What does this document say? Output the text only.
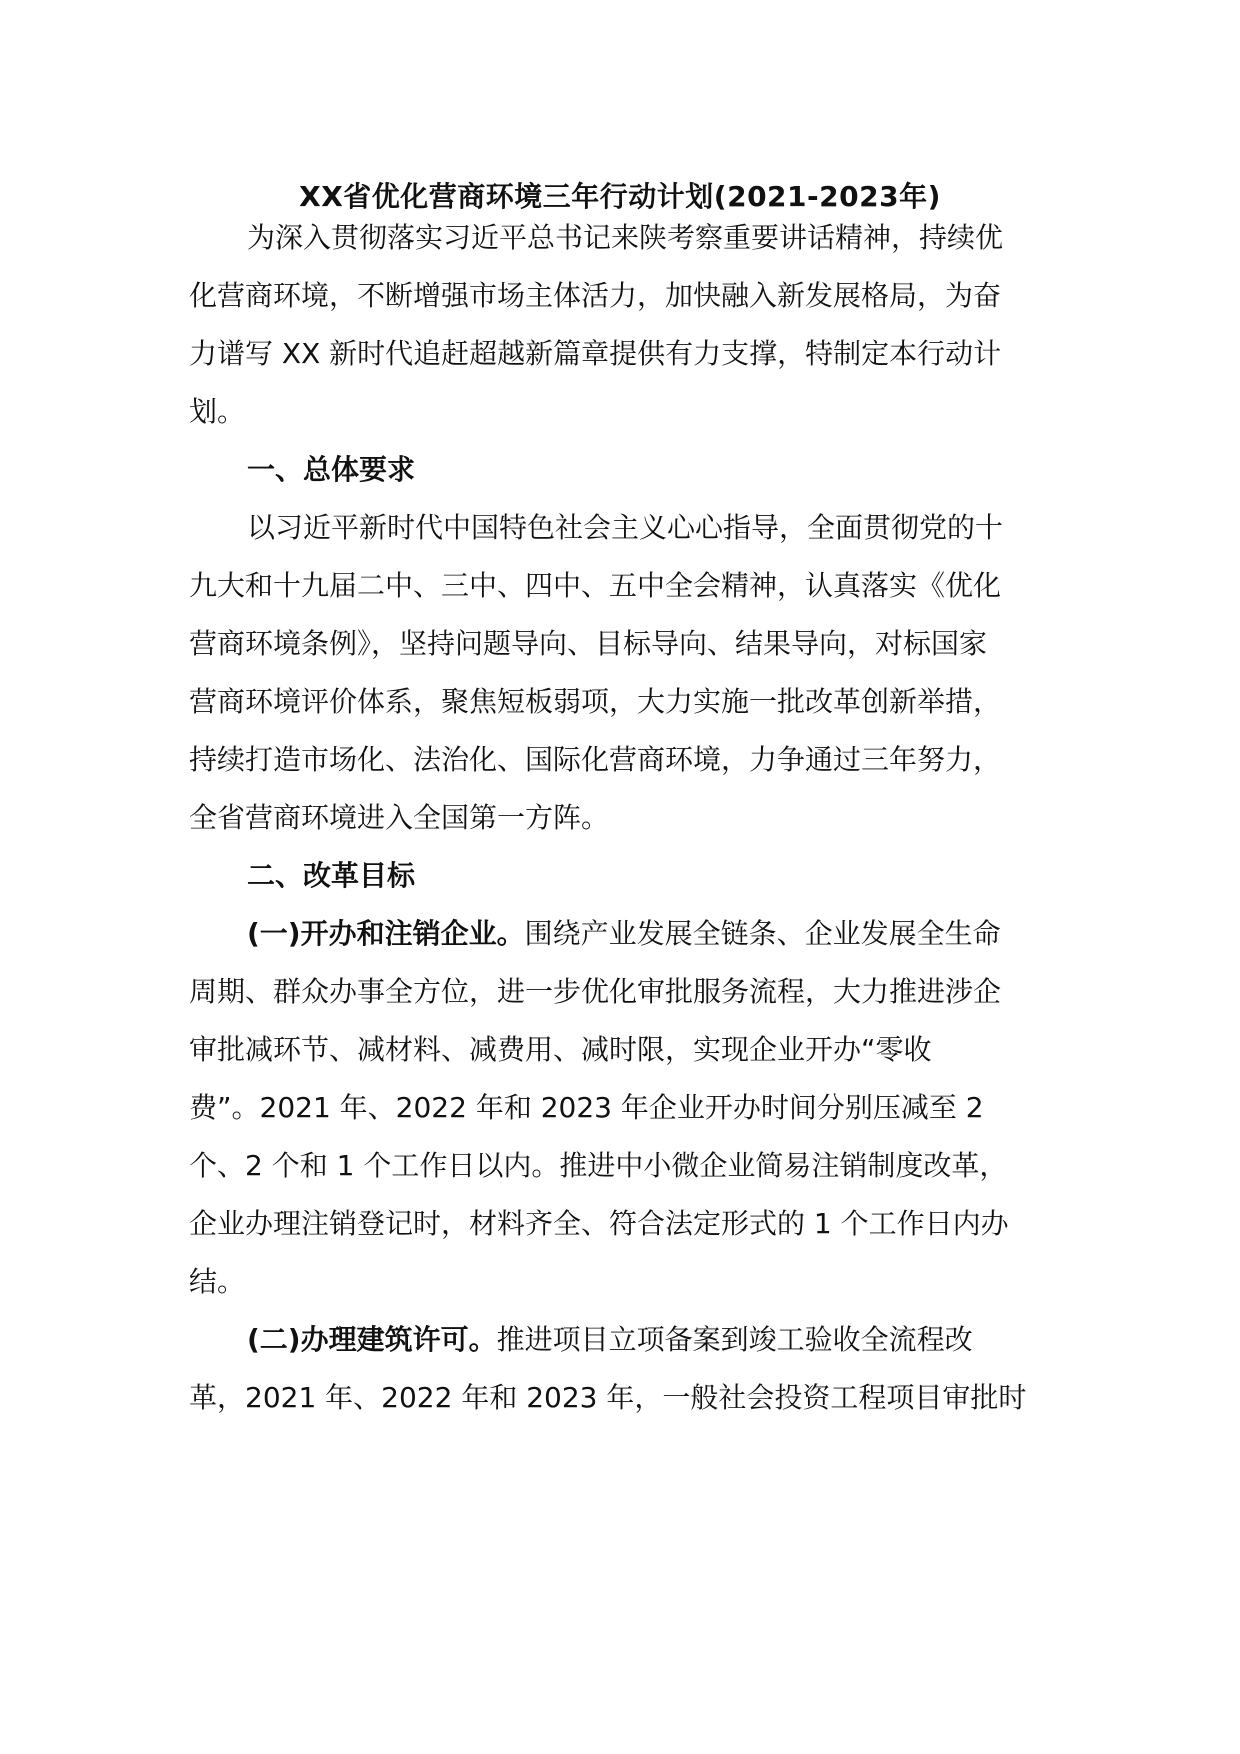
XX省优化营商环境三年行动计划(2021-2023年)
为深入贯彻落实习近平总书记来陕考察重要讲话精神，持续优
化营商环境，不断增强市场主体活力，加快融入新发展格局，为奋
力谱写 XX 新时代追赶超越新篇章提供有力支撑，特制定本行动计
划。
一、总体要求
以习近平新时代中国特色社会主义心心指导，全面贯彻党的十
九大和十九届二中、三中、四中、五中全会精神，认真落实《优化
营商环境条例》，坚持问题导向、目标导向、结果导向，对标国家
营商环境评价体系，聚焦短板弱项，大力实施一批改革创新举措，
持续打造市场化、法治化、国际化营商环境，力争通过三年努力，
全省营商环境进入全国第一方阵。
二、改革目标
(一)开办和注销企业。围绕产业发展全链条、企业发展全生命
周期、群众办事全方位，进一步优化审批服务流程，大力推进涉企
审批减环节、减材料、减费用、减时限，实现企业开办“零收
费”。2021 年、2022 年和 2023 年企业开办时间分别压减至 2
个、2 个和 1 个工作日以内。推进中小微企业简易注销制度改革，
企业办理注销登记时，材料齐全、符合法定形式的 1 个工作日内办
结。
(二)办理建筑许可。推进项目立项备案到竣工验收全流程改
革，2021 年、2022 年和 2023 年，一般社会投资工程项目审批时
